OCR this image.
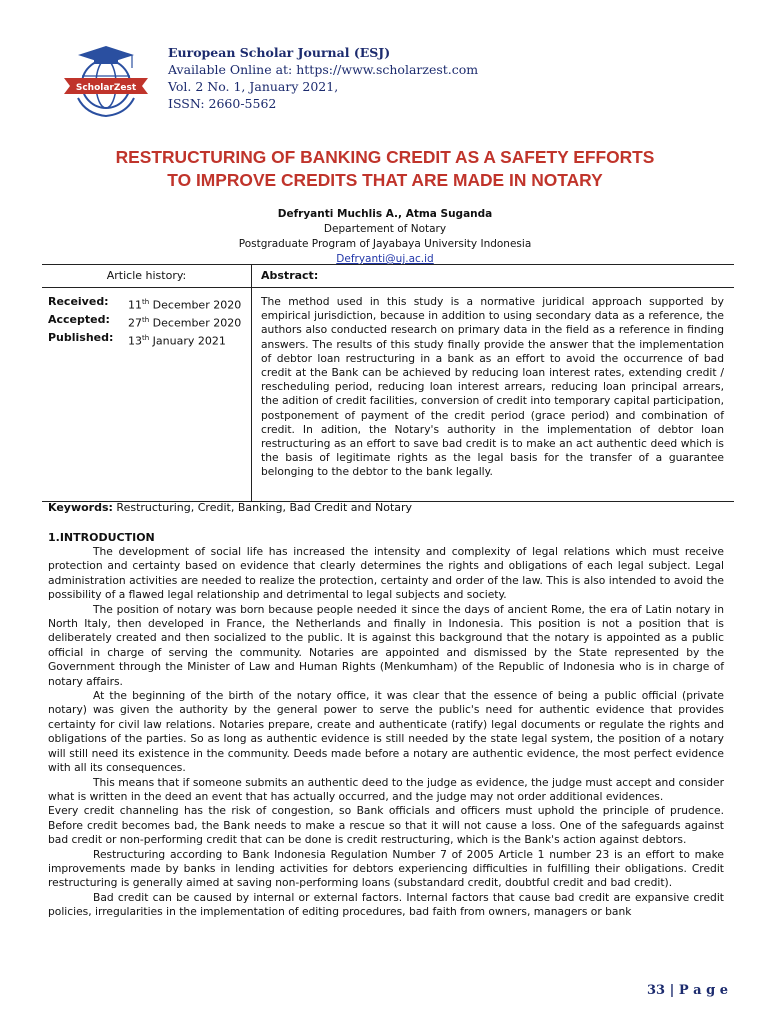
ScholarZest
European Scholar Journal (ESJ)
Available Online at: https://www.scholarzest.com
Vol. 2 No. 1, January 2021,
ISSN: 2660-5562
RESTRUCTURING OF BANKING CREDIT AS A SAFETY EFFORTS
TO IMPROVE CREDITS THAT ARE MADE IN NOTARY
Defryanti Muchlis A., Atma Suganda
Departement of Notary
Postgraduate Program of Jayabaya University Indonesia
Defryanti@uj.ac.id
Article history:	Abstract:
Received:	11th December 2020
Accepted:	27th December 2020
Published:	13th January 2021
The method used in this study is a normative juridical approach supported by empirical jurisdiction, because in addition to using secondary data as a reference, the authors also conducted research on primary data in the field as a reference in finding answers. The results of this study finally provide the answer that the implementation of debtor loan restructuring in a bank as an effort to avoid the occurrence of bad credit at the Bank can be achieved by reducing loan interest rates, extending credit / rescheduling period, reducing loan interest arrears, reducing loan principal arrears, the adition of credit facilities, conversion of credit into temporary capital participation, postponement of payment of the credit period (grace period) and combination of credit. In adition, the Notary's authority in the implementation of debtor loan restructuring as an effort to save bad credit is to make an act authentic deed which is the basis of legitimate rights as the legal basis for the transfer of a guarantee belonging to the debtor to the bank legally.
Keywords: Restructuring, Credit, Banking, Bad Credit and Notary
1.INTRODUCTION

The development of social life has increased the intensity and complexity of legal relations which must receive protection and certainty based on evidence that clearly determines the rights and obligations of each legal subject. Legal administration activities are needed to realize the protection, certainty and order of the law. This is also intended to avoid the possibility of a flawed legal relationship and detrimental to legal subjects and society.

The position of notary was born because people needed it since the days of ancient Rome, the era of Latin notary in North Italy, then developed in France, the Netherlands and finally in Indonesia. This position is not a position that is deliberately created and then socialized to the public. It is against this background that the notary is appointed as a public official in charge of serving the community. Notaries are appointed and dismissed by the State represented by the Government through the Minister of Law and Human Rights (Menkumham) of the Republic of Indonesia who is in charge of notary affairs.

At the beginning of the birth of the notary office, it was clear that the essence of being a public official (private notary) was given the authority by the general power to serve the public's need for authentic evidence that provides certainty for civil law relations. Notaries prepare, create and authenticate (ratify) legal documents or regulate the rights and obligations of the parties. So as long as authentic evidence is still needed by the state legal system, the position of a notary will still need its existence in the community. Deeds made before a notary are authentic evidence, the most perfect evidence with all its consequences.

This means that if someone submits an authentic deed to the judge as evidence, the judge must accept and consider what is written in the deed an event that has actually occurred, and the judge may not order additional evidences.

Every credit channeling has the risk of congestion, so Bank officials and officers must uphold the principle of prudence. Before credit becomes bad, the Bank needs to make a rescue so that it will not cause a loss. One of the safeguards against bad credit or non-performing credit that can be done is credit restructuring, which is the Bank's action against debtors.

Restructuring according to Bank Indonesia Regulation Number 7 of 2005 Article 1 number 23 is an effort to make improvements made by banks in lending activities for debtors experiencing difficulties in fulfilling their obligations. Credit restructuring is generally aimed at saving non-performing loans (substandard credit, doubtful credit and bad credit).

Bad credit can be caused by internal or external factors. Internal factors that cause bad credit are expansive credit policies, irregularities in the implementation of editing procedures, bad faith from owners, managers or bank

33 | P a g e
